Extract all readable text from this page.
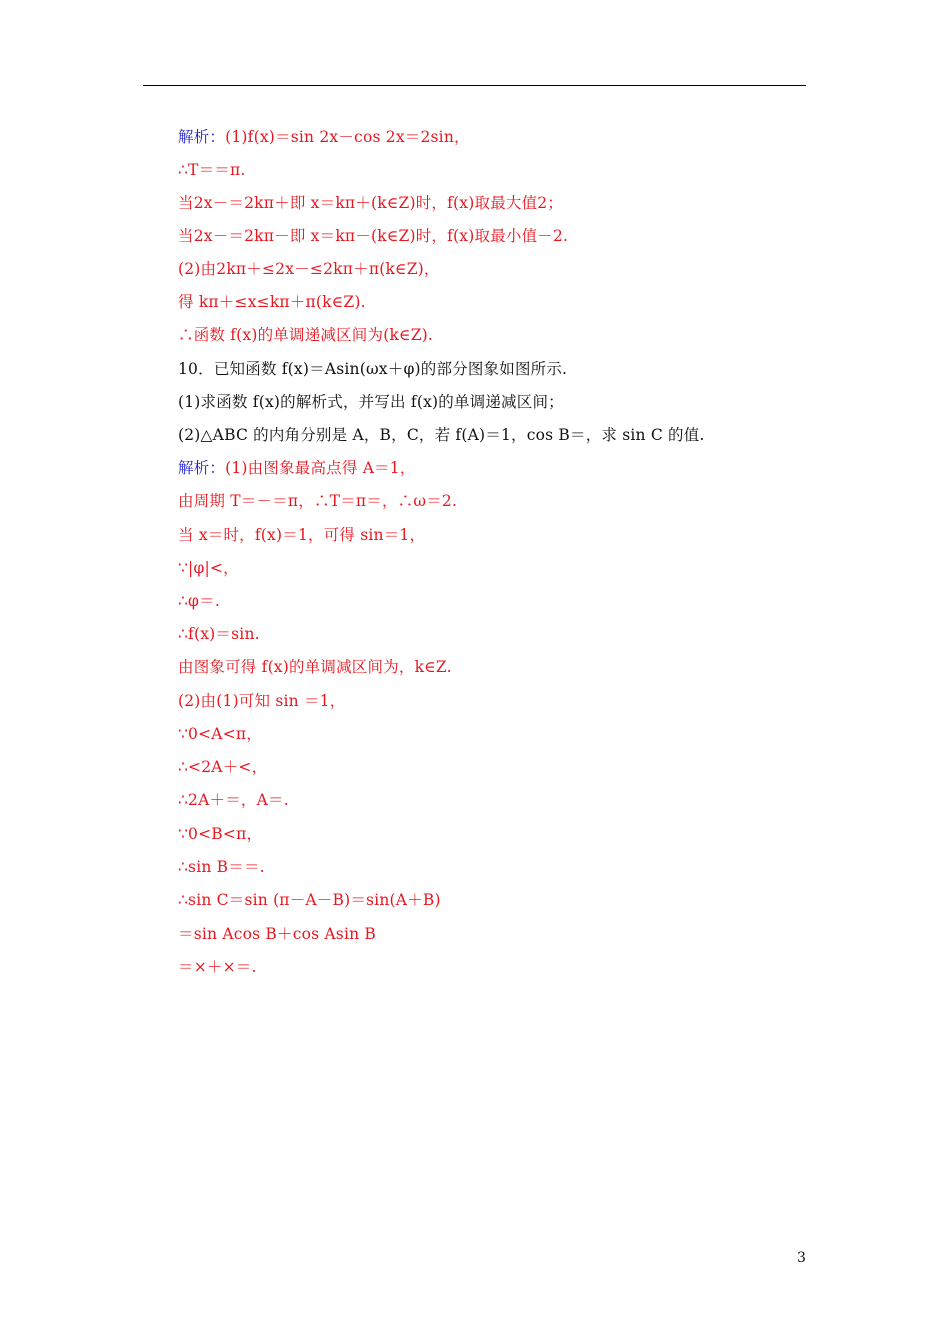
解析：(1)f(x)＝sin 2x－cos 2x＝2sin，
∴T＝＝π.
当2x－＝2kπ＋即 x＝kπ＋(k∈Z)时，f(x)取最大值2；
当2x－＝2kπ－即 x＝kπ－(k∈Z)时，f(x)取最小值－2.
(2)由2kπ＋≤2x－≤2kπ＋π(k∈Z)，
得 kπ＋≤x≤kπ＋π(k∈Z).
∴函数 f(x)的单调递减区间为(k∈Z).
10．已知函数 f(x)＝Asin(ωx＋φ)的部分图象如图所示.
(1)求函数 f(x)的解析式，并写出 f(x)的单调递减区间；
(2)△ABC 的内角分别是 A，B，C，若 f(A)＝1，cos B＝，求 sin C 的值.
解析：(1)由图象最高点得 A＝1，
由周期 T＝－＝π，∴T＝π＝，∴ω＝2.
当 x＝时，f(x)＝1，可得 sin＝1，
∵|φ|<，
∴φ＝.
∴f(x)＝sin.
由图象可得 f(x)的单调减区间为，k∈Z.
(2)由(1)可知 sin ＝1，
∵0<A<π，
∴<2A＋<，
∴2A＋＝，A＝.
∵0<B<π，
∴sin B＝＝.
∴sin C＝sin (π－A－B)＝sin(A＋B)
＝sin Acos B＋cos Asin B
＝×＋×＝.
3
